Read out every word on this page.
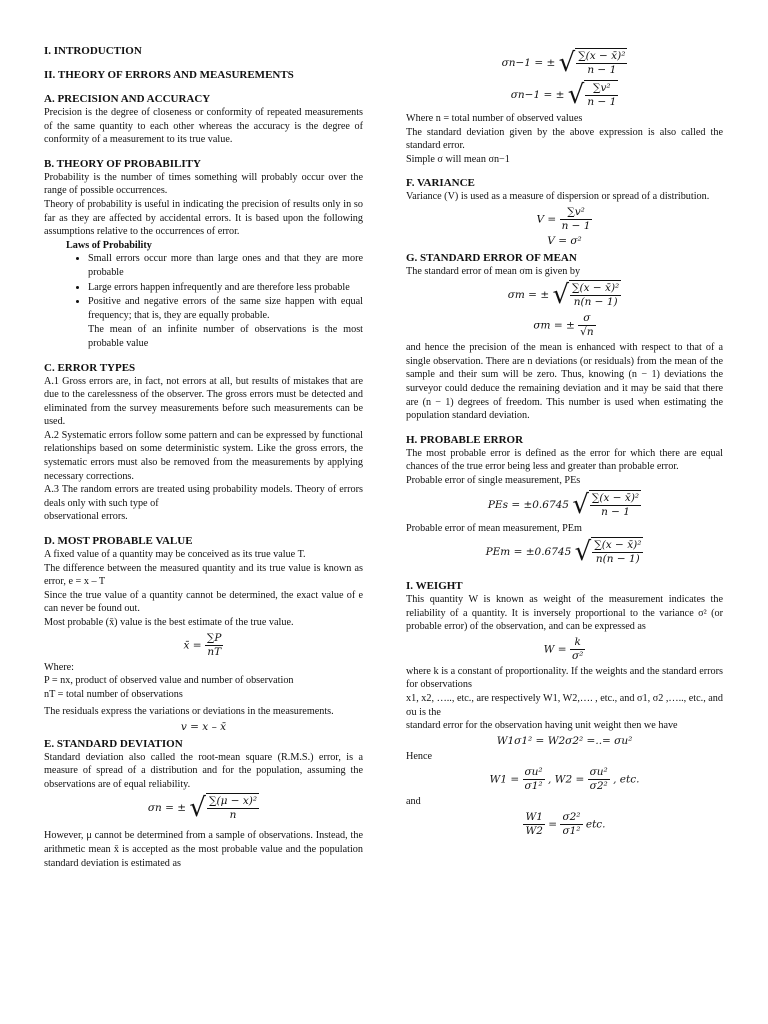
I. INTRODUCTION
II. THEORY OF ERRORS AND MEASUREMENTS
A. PRECISION AND ACCURACY

Precision is the degree of closeness or conformity of repeated measurements of the same quantity to each other whereas the accuracy is the degree of conformity of a measurement to its true value.

B. THEORY OF PROBABILITY

Probability is the number of times something will probably occur over the range of possible occurrences.

Theory of probability is useful in indicating the precision of results only in so far as they are affected by accidental errors. It is based upon the following assumptions relative to the occurrences of error.

Laws of Probability

• Small errors occur more than large ones and that they are more probable
• Large errors happen infrequently and are therefore less probable
• Positive and negative errors of the same size happen with equal frequency; that is, they are equally probable.

The mean of an infinite number of observations is the most probable value

C. ERROR TYPES

A.1 Gross errors are, in fact, not errors at all, but results of mistakes that are due to the carelessness of the observer. The gross errors must be detected and eliminated from the survey measurements before such measurements can be used.

A.2 Systematic errors follow some pattern and can be expressed by functional relationships based on some deterministic system. Like the gross errors, the systematic errors must also be removed from the measurements by applying necessary corrections.

A.3 The random errors are treated using probability models. Theory of errors deals only with such type of

observational errors.

D. MOST PROBABLE VALUE

A fixed value of a quantity may be conceived as its true value T.

The difference between the measured quantity and its true value is known as error, e = x – T

Since the true value of a quantity cannot be determined, the exact value of e can never be found out.

Most probable (x̄) value is the best estimate of the true value.

x̄ = $\frac{\sum P}{nT}$

Where:

P = nx, product of observed value and number of observation

nT = total number of observations

The residuals express the variations or deviations in the measurements.

v = x – x̄
E. STANDARD DEVIATION

Standard deviation also called the root-mean square (R.M.S.) error, is a measure of spread of a distribution and for the population, assuming the observations are of equal reliability.

σn = ± √ $\frac{\text{∑(μ − x)²}}{n}$

However, μ cannot be determined from a sample of observations. Instead, the arithmetic mean x̄ is accepted as the most probable value and the population standard deviation is estimated as

σn−1 = ± √ $\frac{\text{∑(x − x̄)²}}{n - 1}$
σn−1 = ± √ $\frac{\text{∑v²}}{n - 1}$

Where n = total number of observed values

The standard deviation given by the above expression is also called the standard error.

Simple σ will mean σn−1

F. VARIANCE

Variance (V) is used as a measure of dispersion or spread of a distribution.

$V = \frac{\text{∑v²}}{n - 1}$
V = σ²
G. STANDARD ERROR OF MEAN

The standard error of mean σm is given by

σm = ± √ $\frac{\text{∑(x − x̄)²}}{n(n - 1)}$
σm = ± $\frac{\sigma}{√n}$

and hence the precision of the mean is enhanced with respect to that of a single observation. There are n deviations (or residuals) from the mean of the sample and their sum will be zero. Thus, knowing (n − 1) deviations the surveyor could deduce the remaining deviation and it may be said that there are (n − 1) degrees of freedom. This number is used when estimating the population standard deviation.

H. PROBABLE ERROR

The most probable error is defined as the error for which there are equal chances of the true error being less and greater than probable error.

Probable error of single measurement, PEs

PEs = ±0.6745 √ $\frac{\text{∑(x − x̄)²}}{n - 1}$

Probable error of mean measurement, PEm

PEm = ±0.6745 √ $\frac{\text{∑(x − x̄)²}}{n(n - 1)}$
I. WEIGHT

This quantity W is known as weight of the measurement indicates the reliability of a quantity. It is inversely proportional to the variance σ² (or probable error) of the observation, and can be expressed as

$W = \frac{k}{\text{σ²}}$

where k is a constant of proportionality. If the weights and the standard errors for observations

x1, x2, ….., etc., are respectively W1, W2,…. , etc., and σ1, σ2 ,….., etc., and σu is the

standard error for the observation having unit weight then we have

W1σ1² = W2σ2² =..= σu²

Hence

$W1 = \frac{\text{σu²}}{\text{σ1²}}$ , $W2 = \frac{\text{σu²}}{\text{σ2²}}$ , etc.

and

$\frac{W1}{W2} = \frac{\text{σ2²}}{\text{σ1²}}$ etc.
